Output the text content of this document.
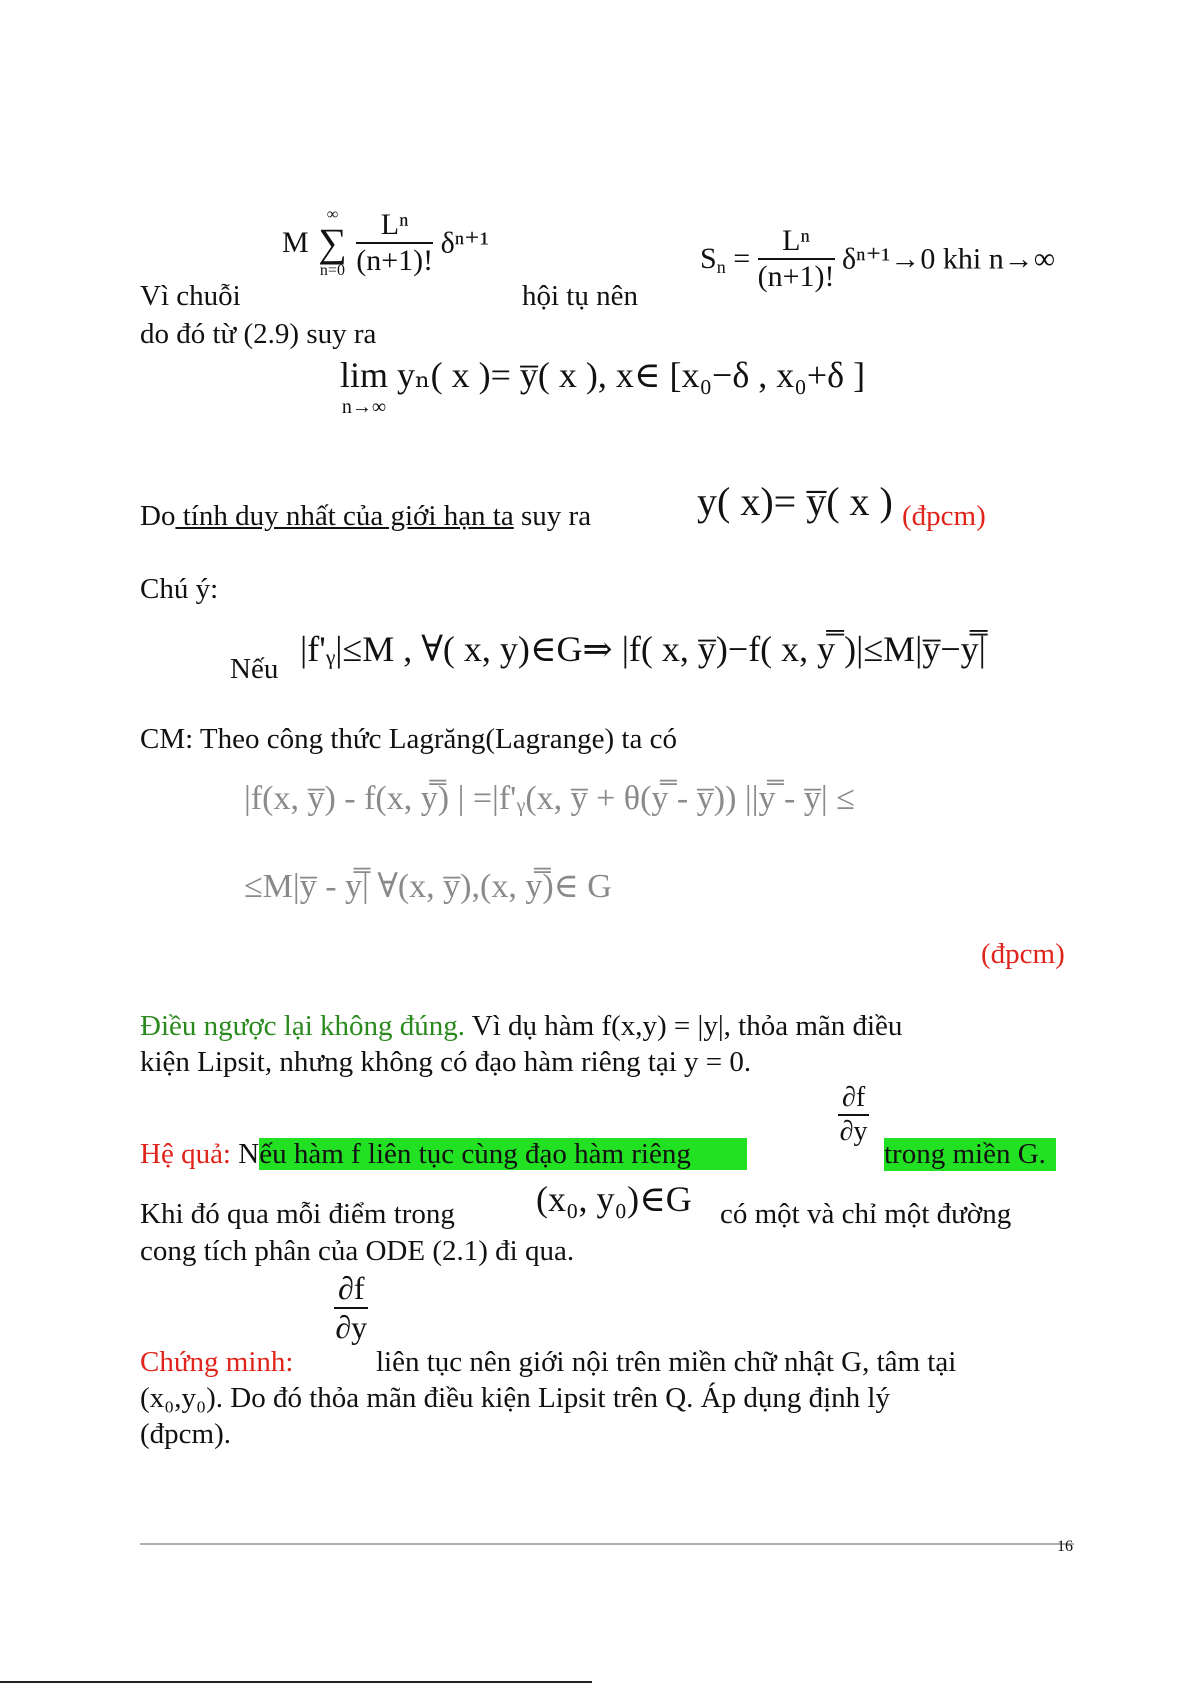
M
∞
∑
n=0
$\frac{\text{Lⁿ}}{(n+1)!} \delta^{n+1}$
Vì chuỗi	hội tụ nên
$S_n = \frac{\text{Lⁿ}}{(n+1)!} \delta^{n+1}\to 0$ khi n→∞
do đó từ (2.9) suy ra
lim
n→∞
yₙ( x )= y̅( x ), x∈ [x₀−δ , x₀+δ ]
Do tính duy nhất của giới hạn ta suy ra	y( x)= y̅( x ) (đpcm)
Chú ý:
Nếu |f'ᵧ|≤M , ∀( x, y)∈G⇒ |f( x, y̅)−f( x, y̿ )|≤M|y̅−y̿|
CM: Theo công thức Lagrăng(Lagrange) ta có
|f(x, y̅) - f(x, y̿) | =|f'ᵧ(x, y̅ + θ(y̿ - y̅)) ||y̿ - y̅| ≤
≤M|y̅ - y̿| ∀(x, y̅),(x, y̿)∈ G
(đpcm)
Điều ngược lại không đúng. Vì dụ hàm f(x,y) = |y|, thỏa mãn điều
kiện Lipsit, nhưng không có đạo hàm riêng tại y = 0.
$\frac{\partial f}{\partial y}$
Hệ quả: Nếu hàm f liên tục cùng đạo hàm riêng	trong miền G.
Khi đó qua mỗi điểm trong (x₀, y₀)∈G có một và chỉ một đường
cong tích phân của ODE (2.1) đi qua.
$\frac{\partial f}{\partial y}$
Chứng minh:	liên tục nên giới nội trên miền chữ nhật G, tâm tại
(x₀,y₀). Do đó thỏa mãn điều kiện Lipsit trên Q. Áp dụng định lý
(đpcm).
16
